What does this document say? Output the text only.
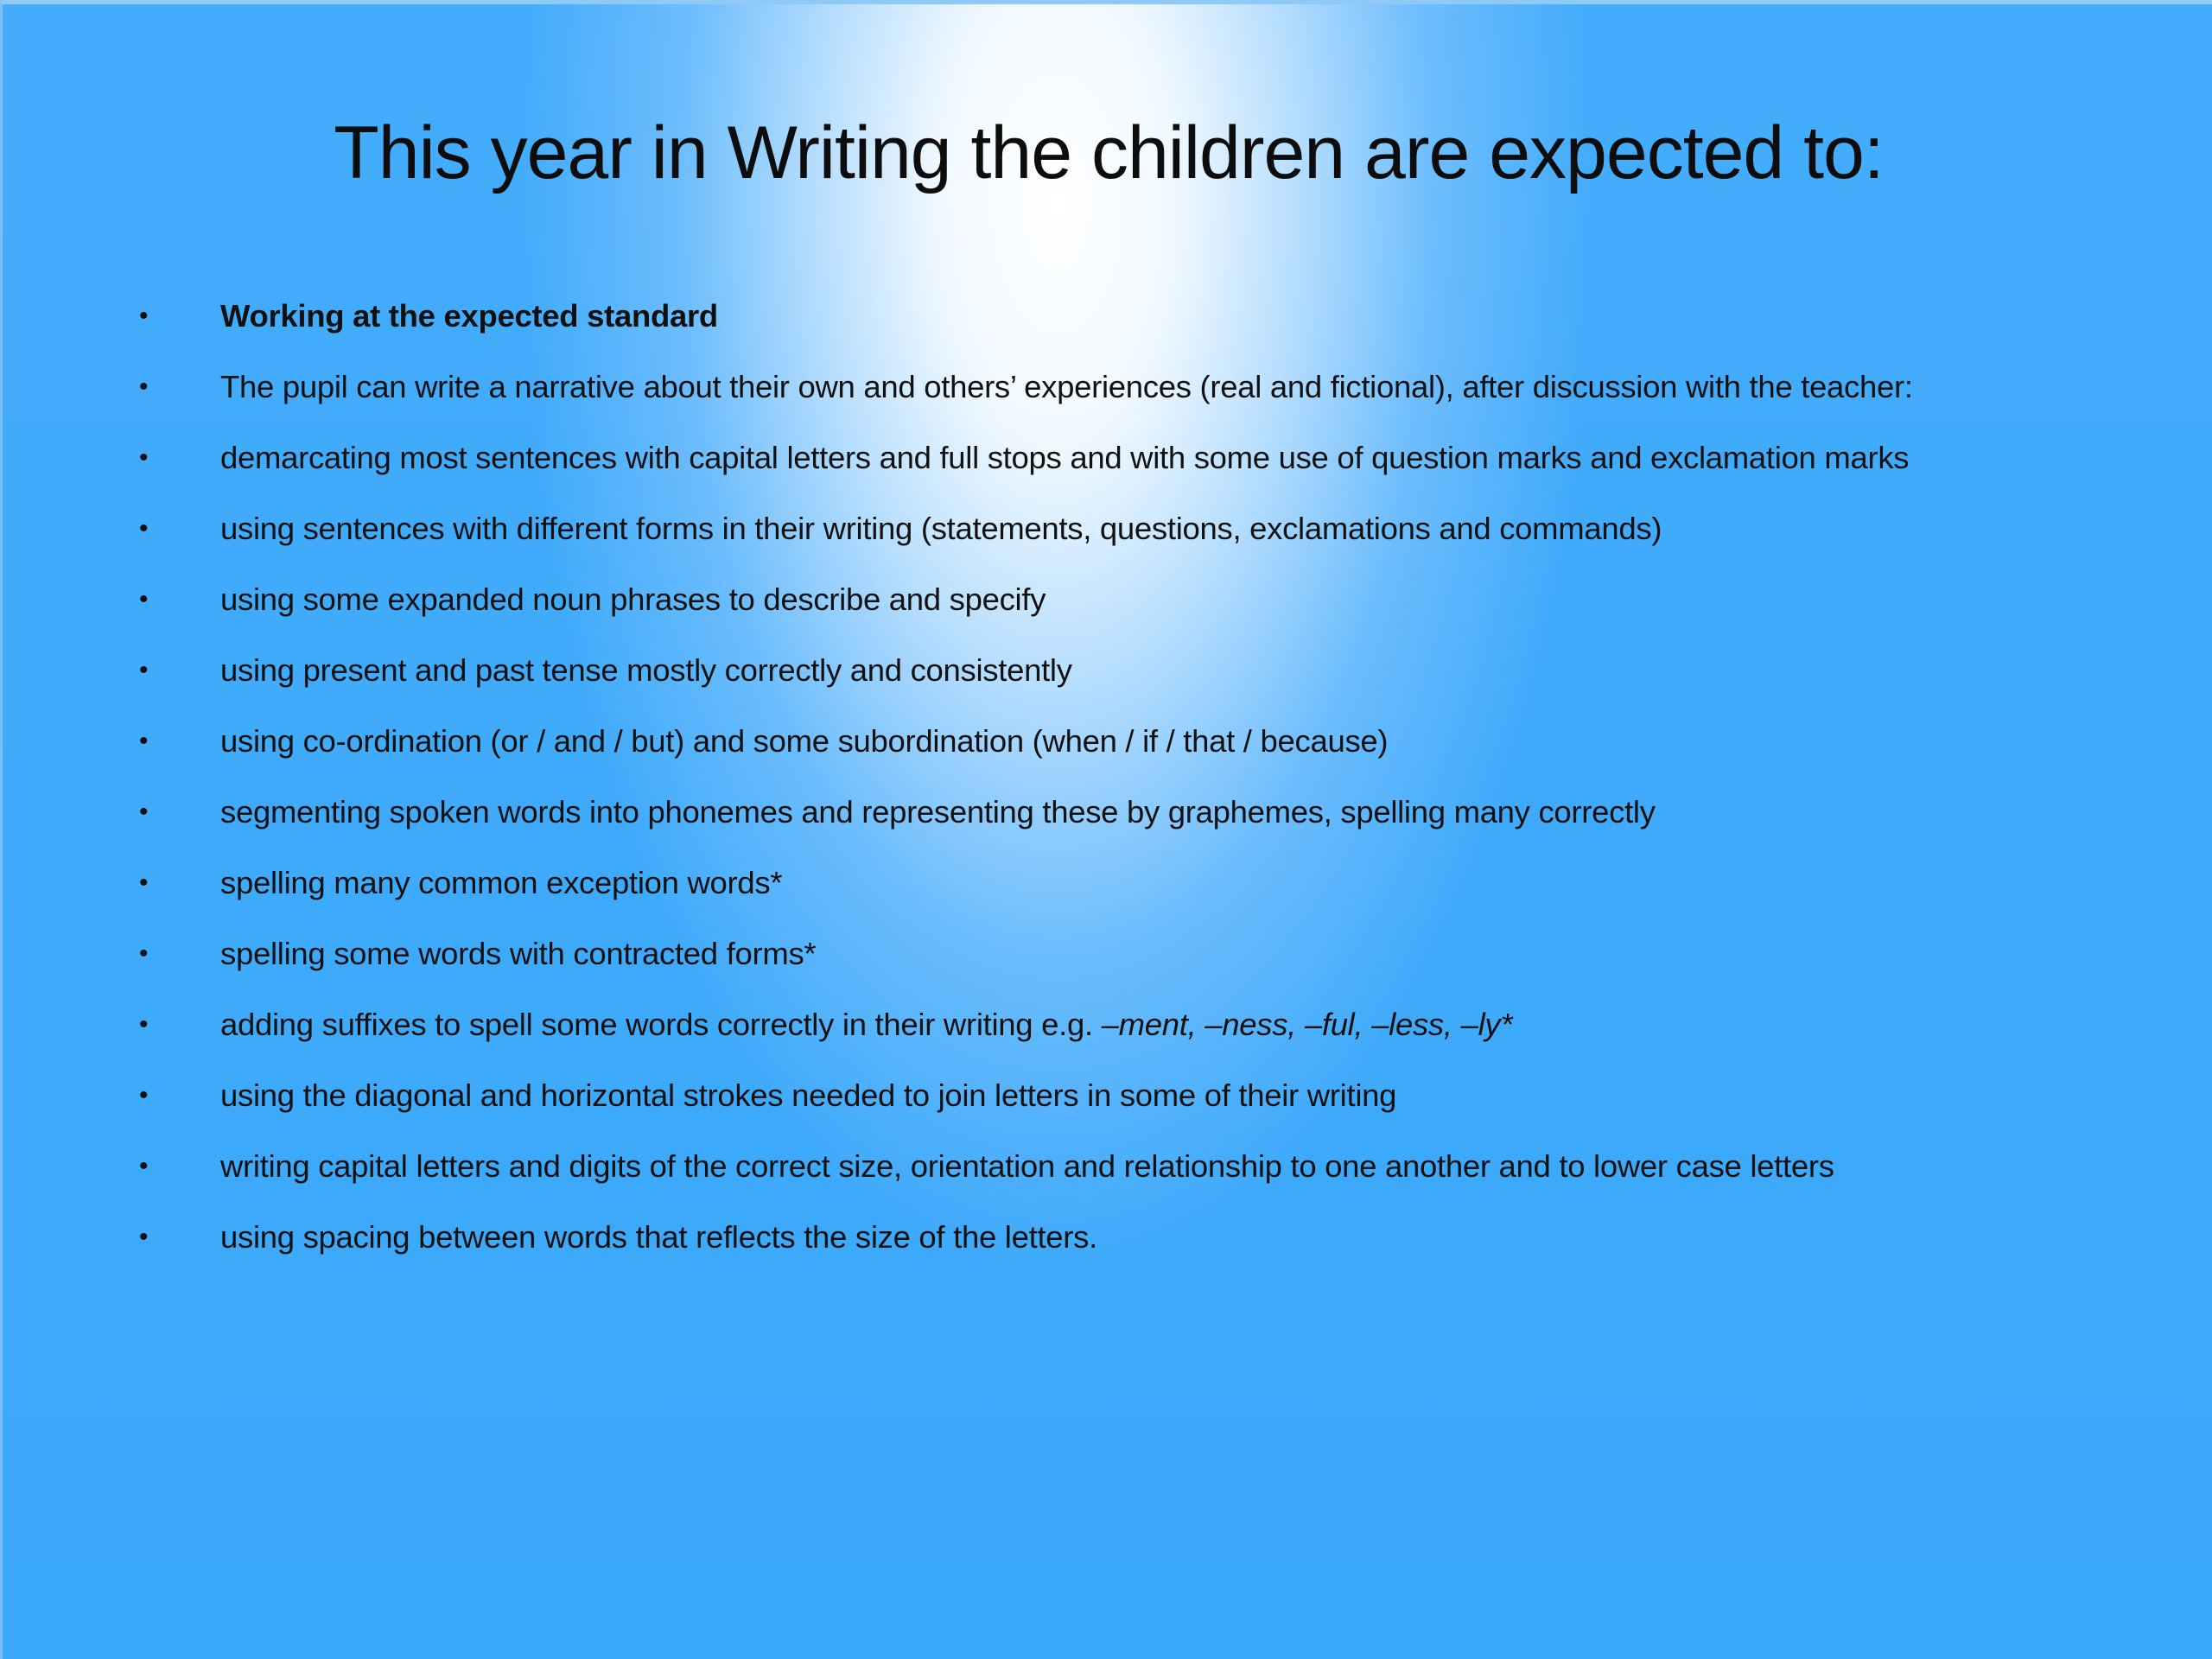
This year in Writing the children are expected to:
• Working at the expected standard
• The pupil can write a narrative about their own and others’ experiences (real and fictional), after discussion with the teacher:
• demarcating most sentences with capital letters and full stops and with some use of question marks and exclamation marks
• using sentences with different forms in their writing (statements, questions, exclamations and commands)
• using some expanded noun phrases to describe and specify
• using present and past tense mostly correctly and consistently
• using co-ordination (or / and / but) and some subordination (when / if / that / because)
• segmenting spoken words into phonemes and representing these by graphemes, spelling many correctly
• spelling many common exception words*
• spelling some words with contracted forms*
• adding suffixes to spell some words correctly in their writing e.g. –ment, –ness, –ful, –less, –ly*
• using the diagonal and horizontal strokes needed to join letters in some of their writing
• writing capital letters and digits of the correct size, orientation and relationship to one another and to lower case letters
• using spacing between words that reflects the size of the letters.
